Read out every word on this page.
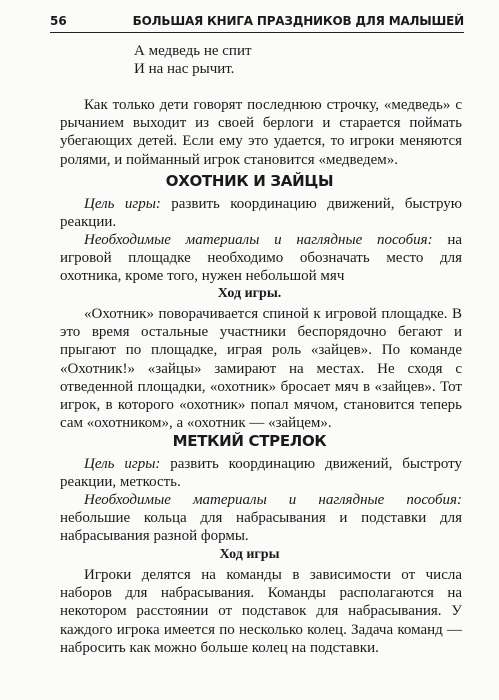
56	БОЛЬШАЯ КНИГА ПРАЗДНИКОВ ДЛЯ МАЛЫШЕЙ
А медведь не спит
И на нас рычит.
Как только дети говорят последнюю строчку, «медведь» с рычанием выходит из своей берлоги и старается поймать убегающих детей. Если ему это удается, то игроки меняются ролями, и пойманный игрок становится «медведем».
ОХОТНИК И ЗАЙЦЫ
Цель игры: развить координацию движений, быструю реакции.
Необходимые материалы и наглядные пособия: на игровой площадке необходимо обозначать место для охотника, кроме того, нужен небольшой мяч
Ход игры.
«Охотник» поворачивается спиной к игровой площадке. В это время остальные участники беспорядочно бегают и прыгают по площадке, играя роль «зайцев». По команде «Охотник!» «зайцы» замирают на местах. Не сходя с отведенной площадки, «охотник» бросает мяч в «зайцев». Тот игрок, в которого «охотник» попал мячом, становится теперь сам «охотником», а «охотник — «зайцем».
МЕТКИЙ СТРЕЛОК
Цель игры: развить координацию движений, быстроту реакции, меткость.
Необходимые материалы и наглядные пособия: небольшие кольца для набрасывания и подставки для набрасывания разной формы.
Ход игры
Игроки делятся на команды в зависимости от числа наборов для набрасывания. Команды располагаются на некотором расстоянии от подставок для набрасывания. У каждого игрока имеется по несколько колец. Задача команд — набросить как можно больше колец на подставки.
